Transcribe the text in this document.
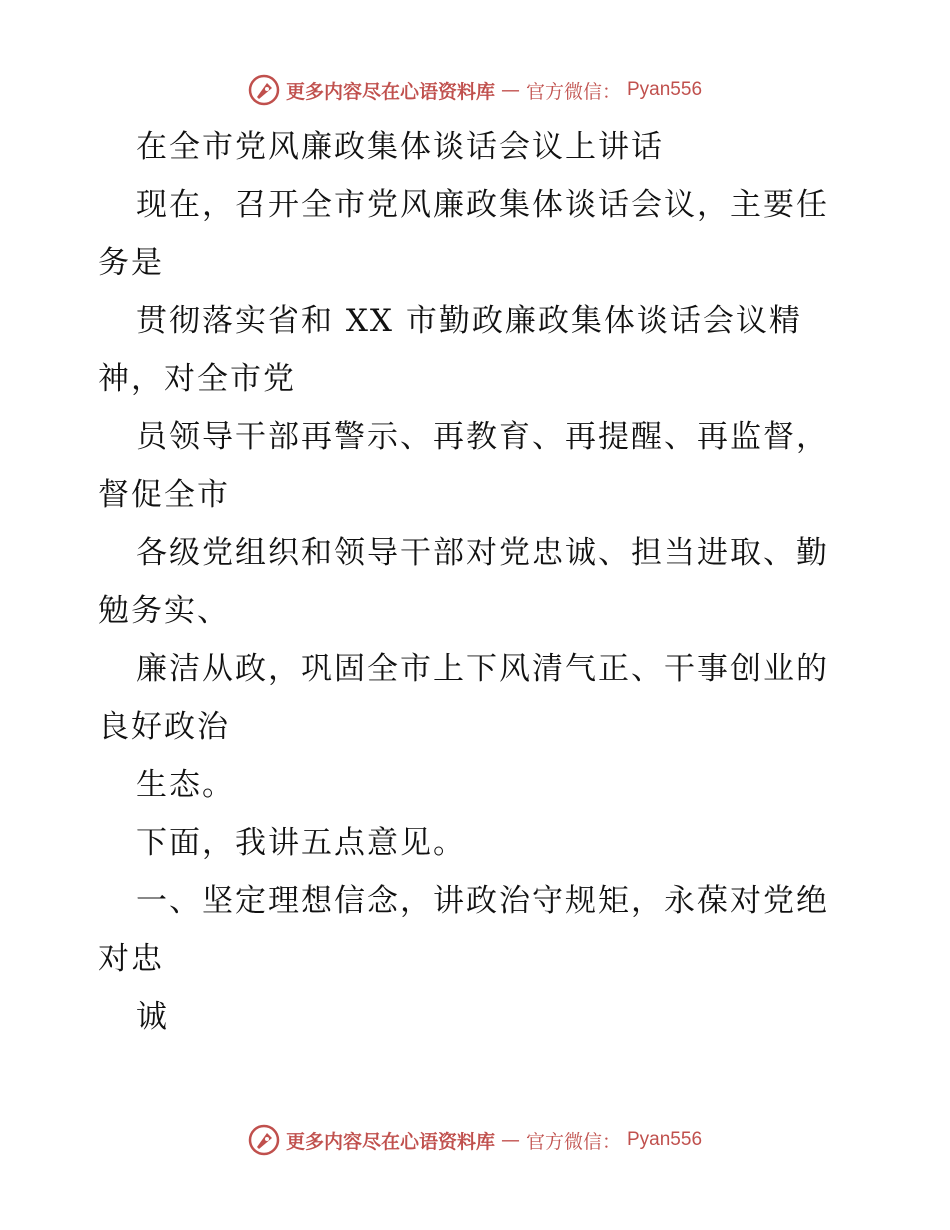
更多内容尽在心语资料库 — 官方微信： Pyan556
在全市党风廉政集体谈话会议上讲话
现在，召开全市党风廉政集体谈话会议，主要任
务是
贯彻落实省和 XX 市勤政廉政集体谈话会议精
神，对全市党
员领导干部再警示、再教育、再提醒、再监督，
督促全市
各级党组织和领导干部对党忠诚、担当进取、勤
勉务实、
廉洁从政，巩固全市上下风清气正、干事创业的
良好政治
生态。
下面，我讲五点意见。
一、坚定理想信念，讲政治守规矩，永葆对党绝
对忠
诚
更多内容尽在心语资料库 — 官方微信： Pyan556
